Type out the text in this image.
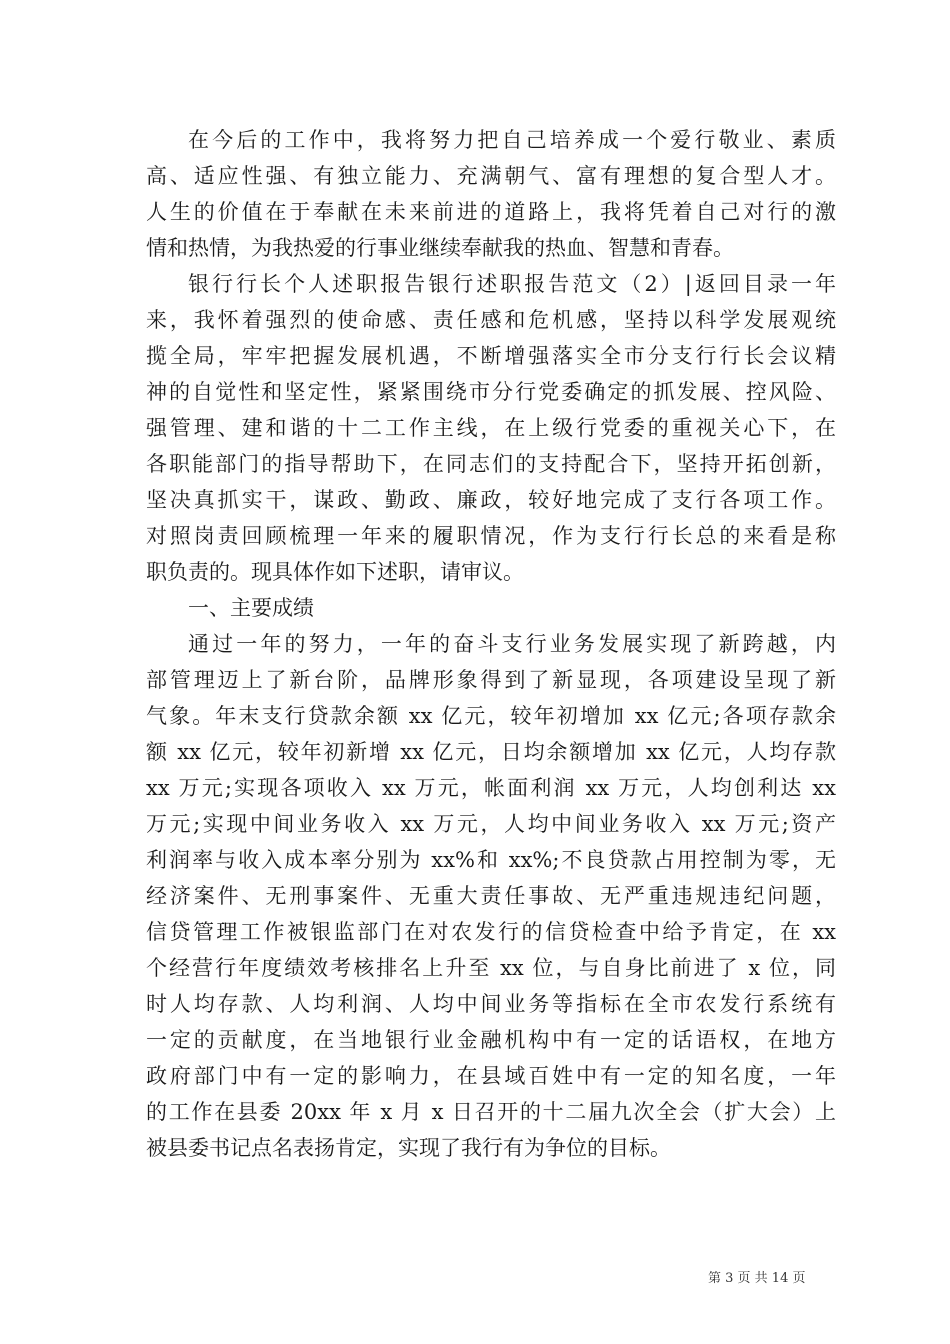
在今后的工作中，我将努力把自己培养成一个爱行敬业、素质
高、适应性强、有独立能力、充满朝气、富有理想的复合型人才。
人生的价值在于奉献在未来前进的道路上，我将凭着自己对行的激
情和热情，为我热爱的行事业继续奉献我的热血、智慧和青春。
银行行长个人述职报告银行述职报告范文（2）|返回目录一年
来，我怀着强烈的使命感、责任感和危机感，坚持以科学发展观统
揽全局，牢牢把握发展机遇，不断增强落实全市分支行行长会议精
神的自觉性和坚定性，紧紧围绕市分行党委确定的抓发展、控风险、
强管理、建和谐的十二工作主线，在上级行党委的重视关心下，在
各职能部门的指导帮助下，在同志们的支持配合下，坚持开拓创新，
坚决真抓实干，谋政、勤政、廉政，较好地完成了支行各项工作。
对照岗责回顾梳理一年来的履职情况，作为支行行长总的来看是称
职负责的。现具体作如下述职，请审议。
一、主要成绩
通过一年的努力，一年的奋斗支行业务发展实现了新跨越，内
部管理迈上了新台阶，品牌形象得到了新显现，各项建设呈现了新
气象。年末支行贷款余额 xx 亿元，较年初增加 xx 亿元;各项存款余
额 xx 亿元，较年初新增 xx 亿元，日均余额增加 xx 亿元，人均存款
xx 万元;实现各项收入 xx 万元，帐面利润 xx 万元，人均创利达 xx
万元;实现中间业务收入 xx 万元，人均中间业务收入 xx 万元;资产
利润率与收入成本率分别为 xx%和 xx%;不良贷款占用控制为零，无
经济案件、无刑事案件、无重大责任事故、无严重违规违纪问题，
信贷管理工作被银监部门在对农发行的信贷检查中给予肯定，在 xx
个经营行年度绩效考核排名上升至 xx 位，与自身比前进了 x 位，同
时人均存款、人均利润、人均中间业务等指标在全市农发行系统有
一定的贡献度，在当地银行业金融机构中有一定的话语权，在地方
政府部门中有一定的影响力，在县域百姓中有一定的知名度，一年
的工作在县委 20xx 年 x 月 x 日召开的十二届九次全会（扩大会）上
被县委书记点名表扬肯定，实现了我行有为争位的目标。
第 3 页 共 14 页
